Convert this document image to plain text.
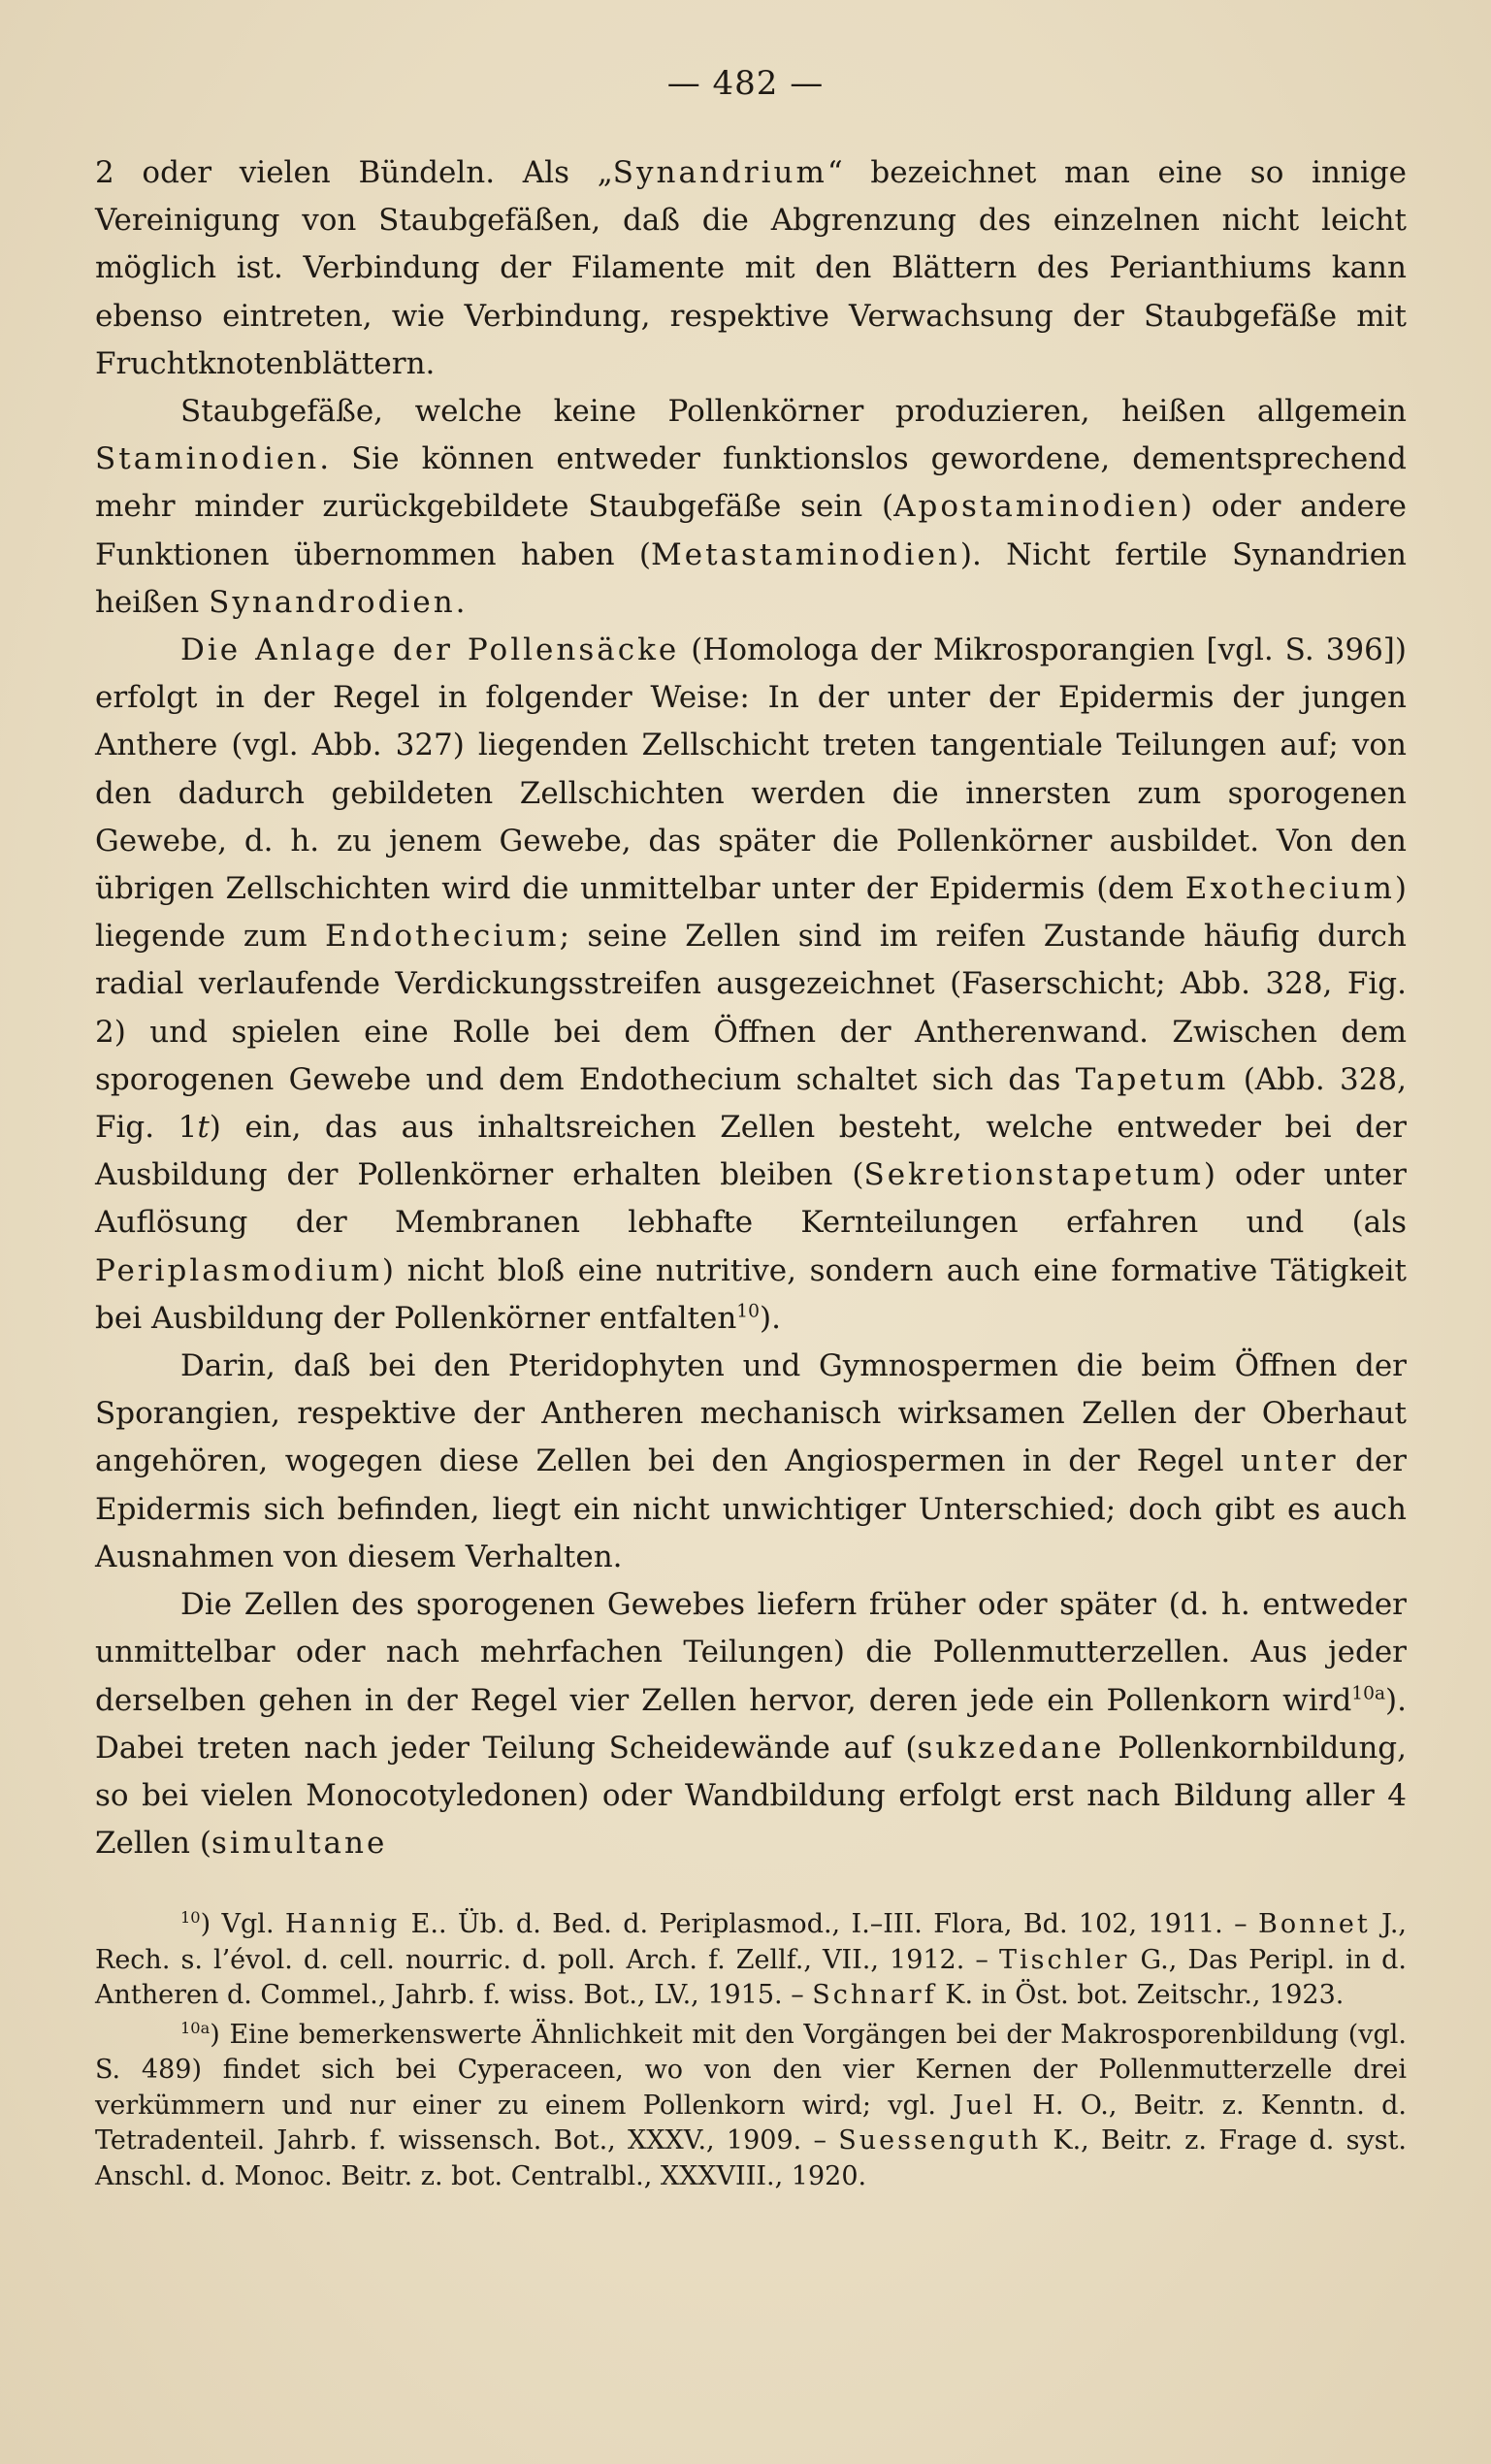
— 482 —

2 oder vielen Bündeln. Als „Synandrium“ bezeichnet man eine so innige Vereinigung von Staubgefäßen, daß die Abgrenzung des einzelnen nicht leicht möglich ist. Verbindung der Filamente mit den Blättern des Perianthiums kann ebenso eintreten, wie Verbindung, respektive Verwachsung der Staubgefäße mit Fruchtknotenblättern.

Staubgefäße, welche keine Pollenkörner produzieren, heißen allgemein Staminodien. Sie können entweder funktionslos gewordene, dementsprechend mehr minder zurückgebildete Staubgefäße sein (Apostaminodien) oder andere Funktionen übernommen haben (Metastaminodien). Nicht fertile Synandrien heißen Synandrodien.

Die Anlage der Pollensäcke (Homologa der Mikrosporangien [vgl. S. 396]) erfolgt in der Regel in folgender Weise: In der unter der Epidermis der jungen Anthere (vgl. Abb. 327) liegenden Zellschicht treten tangentiale Teilungen auf; von den dadurch gebildeten Zellschichten werden die innersten zum sporogenen Gewebe, d. h. zu jenem Gewebe, das später die Pollenkörner ausbildet. Von den übrigen Zellschichten wird die unmittelbar unter der Epidermis (dem Exothecium) liegende zum Endothecium; seine Zellen sind im reifen Zustande häufig durch radial verlaufende Verdickungsstreifen ausgezeichnet (Faserschicht; Abb. 328, Fig. 2) und spielen eine Rolle bei dem Öffnen der Antherenwand. Zwischen dem sporogenen Gewebe und dem Endothecium schaltet sich das Tapetum (Abb. 328, Fig. 1t) ein, das aus inhaltsreichen Zellen besteht, welche entweder bei der Ausbildung der Pollenkörner erhalten bleiben (Sekretionstapetum) oder unter Auflösung der Membranen lebhafte Kernteilungen erfahren und (als Periplasmodium) nicht bloß eine nutritive, sondern auch eine formative Tätigkeit bei Ausbildung der Pollenkörner entfalten$^{10}$).

Darin, daß bei den Pteridophyten und Gymnospermen die beim Öffnen der Sporangien, respektive der Antheren mechanisch wirksamen Zellen der Oberhaut angehören, wogegen diese Zellen bei den Angiospermen in der Regel unter der Epidermis sich befinden, liegt ein nicht unwichtiger Unterschied; doch gibt es auch Ausnahmen von diesem Verhalten.

Die Zellen des sporogenen Gewebes liefern früher oder später (d. h. entweder unmittelbar oder nach mehrfachen Teilungen) die Pollenmutterzellen. Aus jeder derselben gehen in der Regel vier Zellen hervor, deren jede ein Pollenkorn wird$^{10a}$). Dabei treten nach jeder Teilung Scheidewände auf (sukzedane Pollenkornbildung, so bei vielen Monocotyledonen) oder Wandbildung erfolgt erst nach Bildung aller 4 Zellen (simultane

$^{10}$) Vgl. Hannig E.. Üb. d. Bed. d. Periplasmod., I.–III. Flora, Bd. 102, 1911. – Bonnet J., Rech. s. l’évol. d. cell. nourric. d. poll. Arch. f. Zellf., VII., 1912. – Tischler G., Das Peripl. in d. Antheren d. Commel., Jahrb. f. wiss. Bot., LV., 1915. – Schnarf K. in Öst. bot. Zeitschr., 1923.

$^{10a}$) Eine bemerkenswerte Ähnlichkeit mit den Vorgängen bei der Makrosporenbildung (vgl. S. 489) findet sich bei Cyperaceen, wo von den vier Kernen der Pollenmutterzelle drei verkümmern und nur einer zu einem Pollenkorn wird; vgl. Juel H. O., Beitr. z. Kenntn. d. Tetradenteil. Jahrb. f. wissensch. Bot., XXXV., 1909. – Suessenguth K., Beitr. z. Frage d. syst. Anschl. d. Monoc. Beitr. z. bot. Centralbl., XXXVIII., 1920.
